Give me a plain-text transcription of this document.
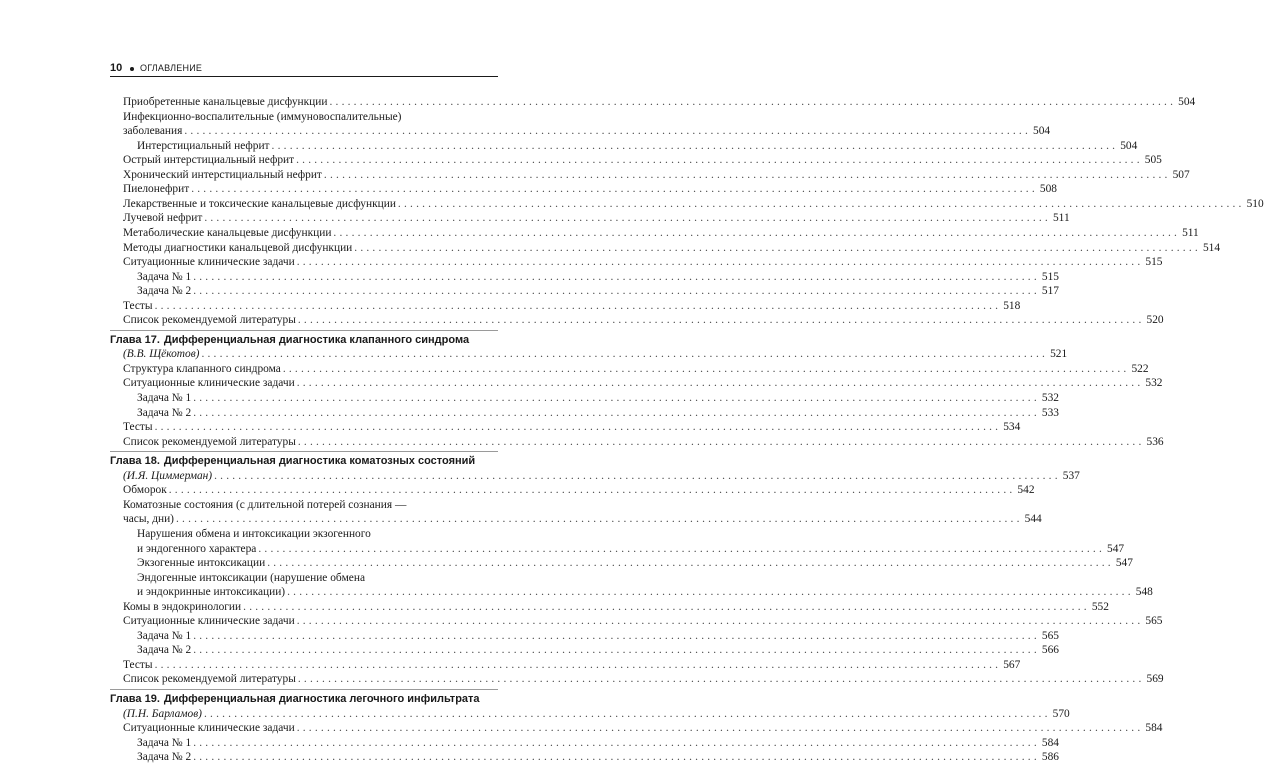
10 ОГЛАВЛЕНИЕ
Приобретенные канальцевые дисфункции ............................................................................................................................................ 504
Инфекционно-воспалительные (иммуновоспалительные)
заболевания ............................................................................................................................................ 504
Интерстициальный нефрит ............................................................................................................................................ 504
Острый интерстициальный нефрит ............................................................................................................................................ 505
Хронический интерстициальный нефрит ............................................................................................................................................ 507
Пиелонефрит ............................................................................................................................................ 508
Лекарственные и токсические канальцевые дисфункции ............................................................................................................................................ 510
Лучевой нефрит ............................................................................................................................................ 511
Метаболические канальцевые дисфункции ............................................................................................................................................ 511
Методы диагностики канальцевой дисфункции ............................................................................................................................................ 514
Ситуационные клинические задачи ............................................................................................................................................ 515
Задача № 1 ............................................................................................................................................ 515
Задача № 2 ............................................................................................................................................ 517
Тесты ............................................................................................................................................ 518
Список рекомендуемой литературы ............................................................................................................................................ 520
Глава 17. Дифференциальная диагностика клапанного синдрома
(В.В. Щёкотов) ............................................................................................................................................ 521
Структура клапанного синдрома ............................................................................................................................................ 522
Ситуационные клинические задачи ............................................................................................................................................ 532
Задача № 1 ............................................................................................................................................ 532
Задача № 2 ............................................................................................................................................ 533
Тесты ............................................................................................................................................ 534
Список рекомендуемой литературы ............................................................................................................................................ 536
Глава 18. Дифференциальная диагностика коматозных состояний
(И.Я. Циммерман) ............................................................................................................................................ 537
Обморок ............................................................................................................................................ 542
Коматозные состояния (с длительной потерей сознания —
часы, дни) ............................................................................................................................................ 544
Нарушения обмена и интоксикации экзогенного
и эндогенного характера ............................................................................................................................................ 547
Экзогенные интоксикации ............................................................................................................................................ 547
Эндогенные интоксикации (нарушение обмена
и эндокринные интоксикации) ............................................................................................................................................ 548
Комы в эндокринологии ............................................................................................................................................ 552
Ситуационные клинические задачи ............................................................................................................................................ 565
Задача № 1 ............................................................................................................................................ 565
Задача № 2 ............................................................................................................................................ 566
Тесты ............................................................................................................................................ 567
Список рекомендуемой литературы ............................................................................................................................................ 569
Глава 19. Дифференциальная диагностика легочного инфильтрата
(П.Н. Барламов) ............................................................................................................................................ 570
Ситуационные клинические задачи ............................................................................................................................................ 584
Задача № 1 ............................................................................................................................................ 584
Задача № 2 ............................................................................................................................................ 586
